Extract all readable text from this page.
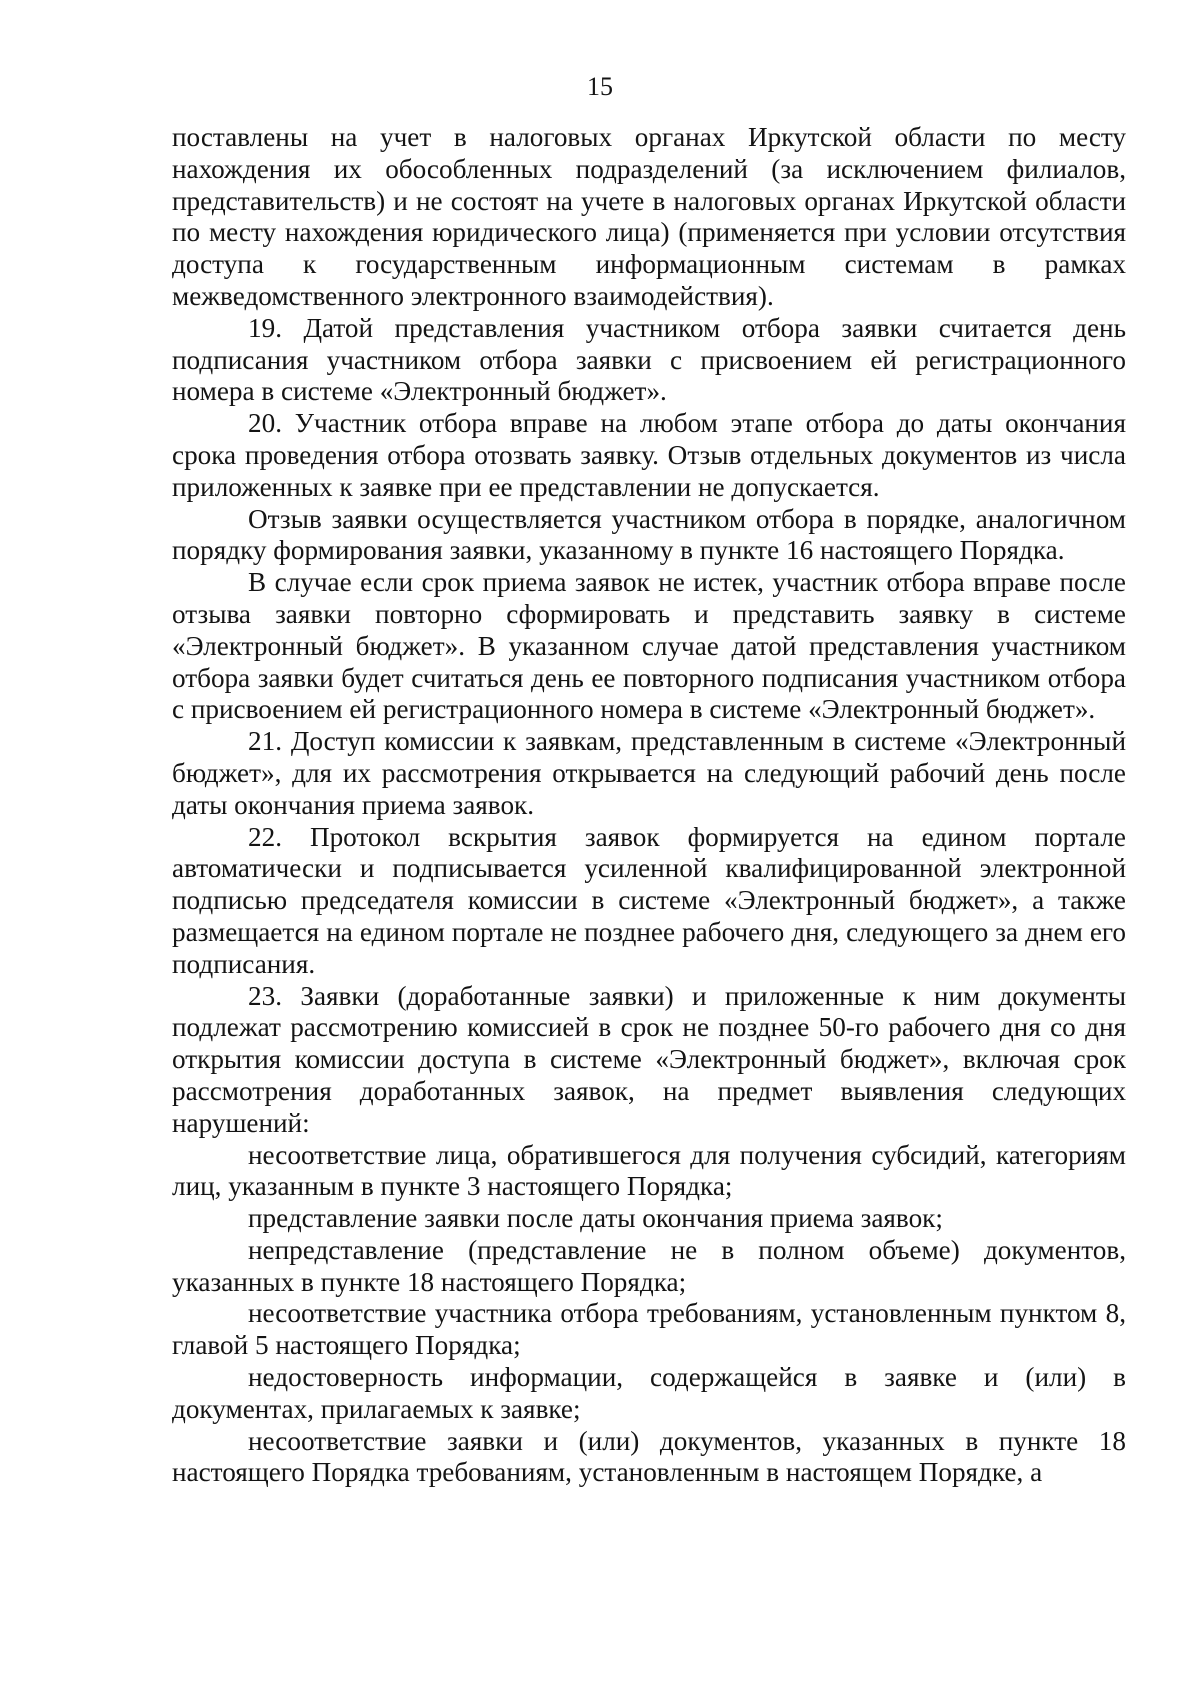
15

поставлены на учет в налоговых органах Иркутской области по месту нахождения их обособленных подразделений (за исключением филиалов, представительств) и не состоят на учете в налоговых органах Иркутской области по месту нахождения юридического лица) (применяется при условии отсутствия доступа к государственным информационным системам в рамках межведомственного электронного взаимодействия).

19. Датой представления участником отбора заявки считается день подписания участником отбора заявки с присвоением ей регистрационного номера в системе «Электронный бюджет».

20. Участник отбора вправе на любом этапе отбора до даты окончания срока проведения отбора отозвать заявку. Отзыв отдельных документов из числа приложенных к заявке при ее представлении не допускается.

Отзыв заявки осуществляется участником отбора в порядке, аналогичном порядку формирования заявки, указанному в пункте 16 настоящего Порядка.

В случае если срок приема заявок не истек, участник отбора вправе после отзыва заявки повторно сформировать и представить заявку в системе «Электронный бюджет». В указанном случае датой представления участником отбора заявки будет считаться день ее повторного подписания участником отбора с присвоением ей регистрационного номера в системе «Электронный бюджет».

21. Доступ комиссии к заявкам, представленным в системе «Электронный бюджет», для их рассмотрения открывается на следующий рабочий день после даты окончания приема заявок.

22. Протокол вскрытия заявок формируется на едином портале автоматически и подписывается усиленной квалифицированной электронной подписью председателя комиссии в системе «Электронный бюджет», а также размещается на едином портале не позднее рабочего дня, следующего за днем его подписания.

23. Заявки (доработанные заявки) и приложенные к ним документы подлежат рассмотрению комиссией в срок не позднее 50-го рабочего дня со дня открытия комиссии доступа в системе «Электронный бюджет», включая срок рассмотрения доработанных заявок, на предмет выявления следующих нарушений:

несоответствие лица, обратившегося для получения субсидий, категориям лиц, указанным в пункте 3 настоящего Порядка;

представление заявки после даты окончания приема заявок;

непредставление (представление не в полном объеме) документов, указанных в пункте 18 настоящего Порядка;

несоответствие участника отбора требованиям, установленным пунктом 8, главой 5 настоящего Порядка;

недостоверность информации, содержащейся в заявке и (или) в документах, прилагаемых к заявке;

несоответствие заявки и (или) документов, указанных в пункте 18 настоящего Порядка требованиям, установленным в настоящем Порядке, а
